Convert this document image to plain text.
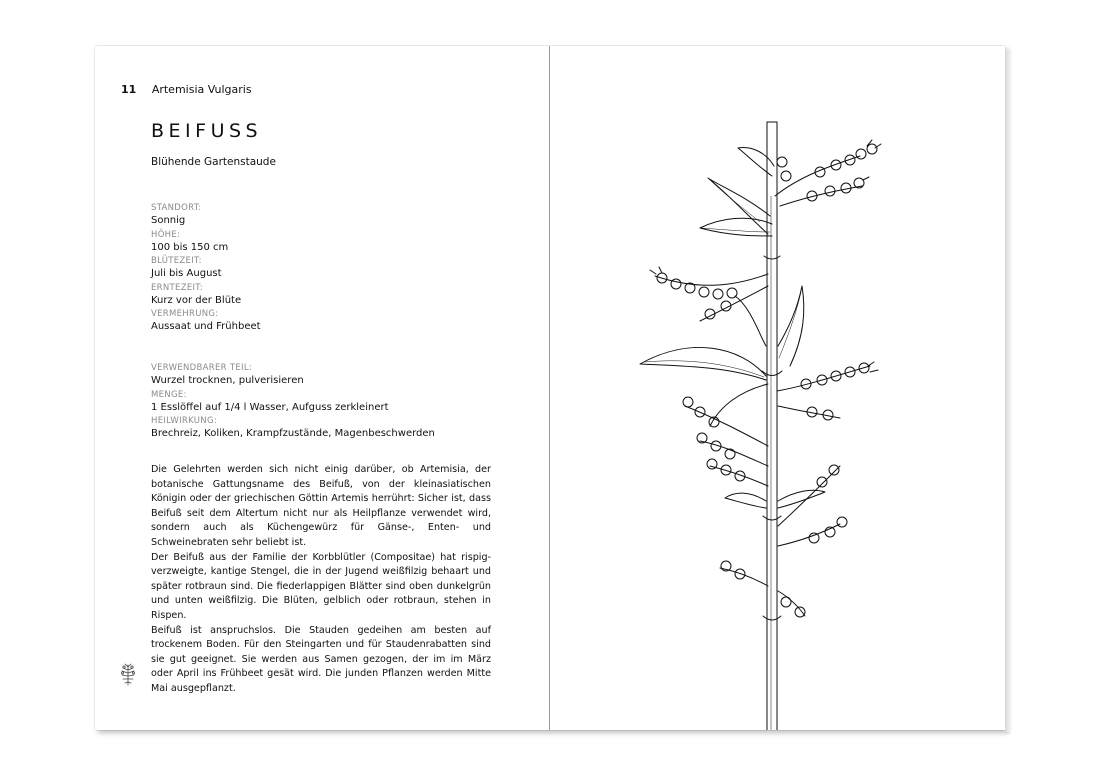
11 Artemisia Vulgaris
BEIFUSS
Blühende Gartenstaude
STANDORT:
Sonnig
HÖHE:
100 bis 150 cm
BLÜTEZEIT:
Juli bis August
ERNTEZEIT:
Kurz vor der Blüte
VERMEHRUNG:
Aussaat und Frühbeet
VERWENDBARER TEIL:
Wurzel trocknen, pulverisieren
MENGE:
1 Esslöffel auf 1/4 l Wasser, Aufguss zerkleinert
HEILWIRKUNG:
Brechreiz, Koliken, Krampfzustände, Magenbeschwerden

Die Gelehrten werden sich nicht einig darüber, ob Artemisia, der botanische Gattungsname des Beifuß, von der kleinasiatischen Königin oder der griechischen Göttin Artemis herrührt: Sicher ist, dass Beifuß seit dem Altertum nicht nur als Heilpflanze verwendet wird, sondern auch als Küchengewürz für Gänse-, Enten- und Schweinebraten sehr beliebt ist.

Der Beifuß aus der Familie der Korbblütler (Compositae) hat rispig-verzweigte, kantige Stengel, die in der Jugend weißfilzig behaart und später rotbraun sind. Die fiederlappigen Blätter sind oben dunkelgrün und unten weißfilzig. Die Blüten, gelblich oder rotbraun, stehen in Rispen.

Beifuß ist anspruchslos. Die Stauden gedeihen am besten auf trockenem Boden. Für den Steingarten und für Staudenrabatten sind sie gut geeignet. Sie werden aus Samen gezogen, der im im März oder April ins Frühbeet gesät wird. Die junden Pflanzen werden Mitte Mai ausgepflanzt.
